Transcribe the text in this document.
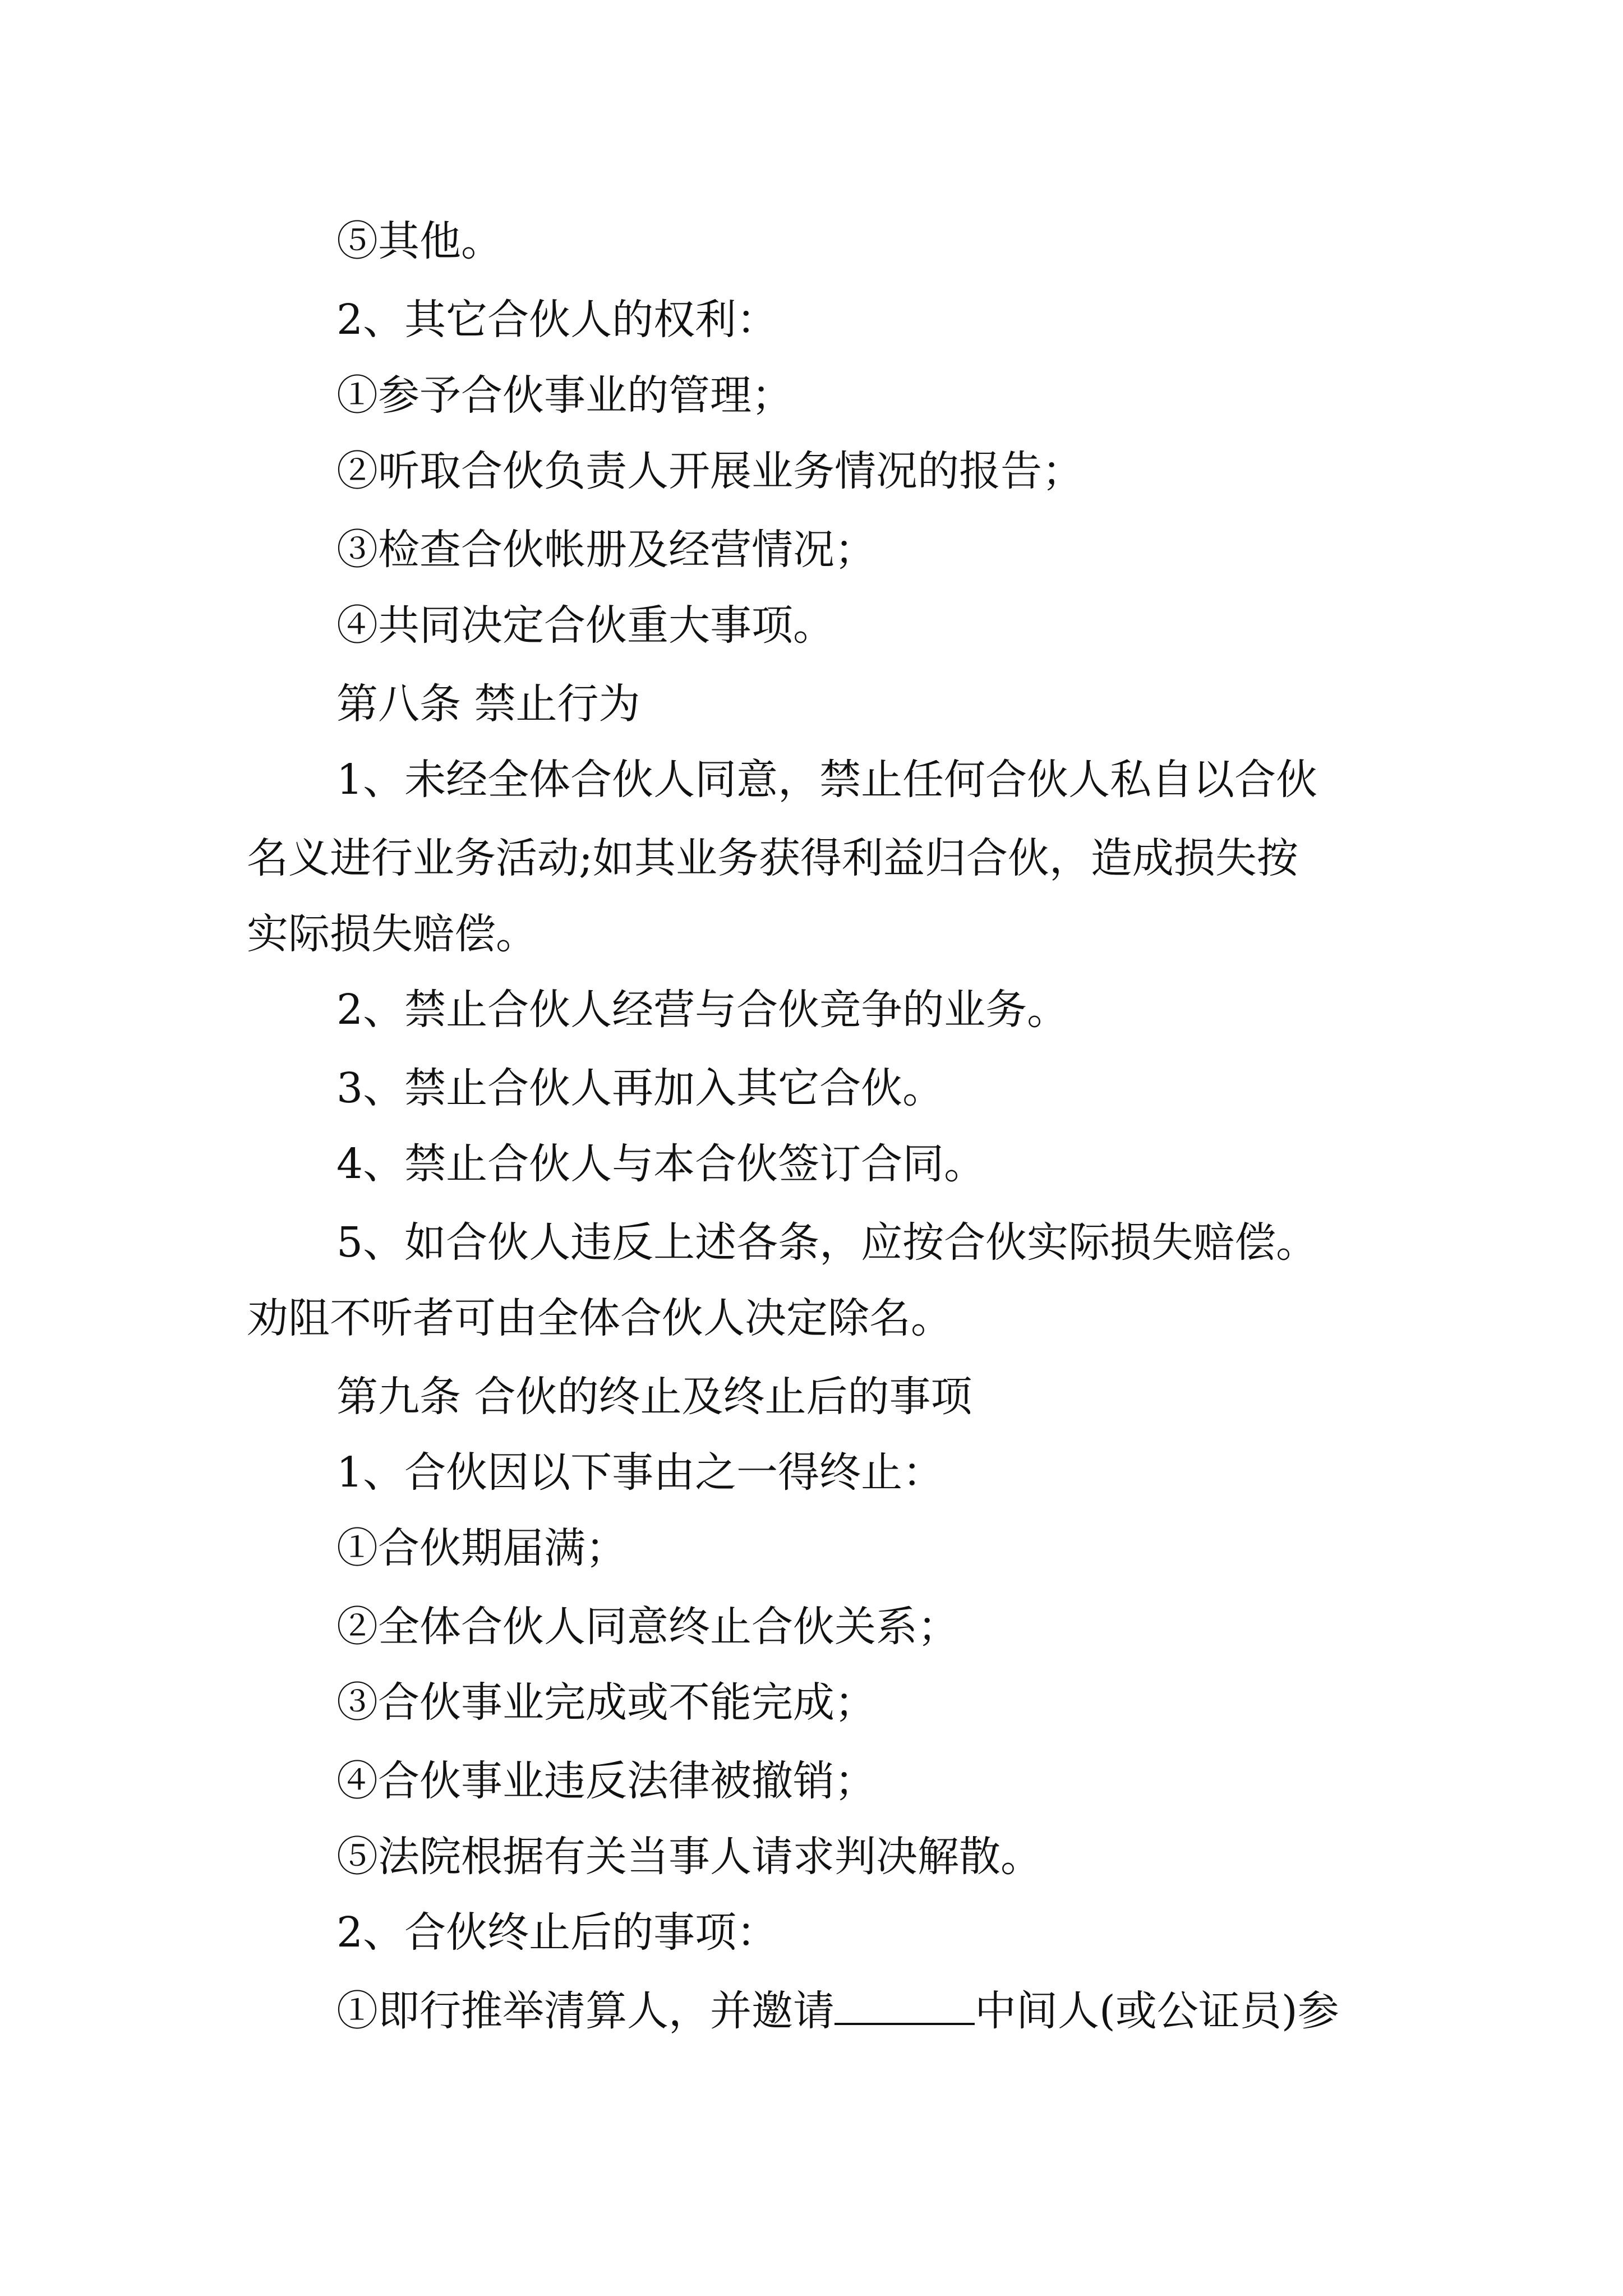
⑤其他。
2、其它合伙人的权利：
①参予合伙事业的管理；
②听取合伙负责人开展业务情况的报告；
③检查合伙帐册及经营情况；
④共同决定合伙重大事项。
第八条 禁止行为
1、未经全体合伙人同意，禁止任何合伙人私自以合伙
名义进行业务活动;如其业务获得利益归合伙，造成损失按
实际损失赔偿。
2、禁止合伙人经营与合伙竞争的业务。
3、禁止合伙人再加入其它合伙。
4、禁止合伙人与本合伙签订合同。
5、如合伙人违反上述各条，应按合伙实际损失赔偿。
劝阻不听者可由全体合伙人决定除名。
第九条 合伙的终止及终止后的事项
1、合伙因以下事由之一得终止：
①合伙期届满；
②全体合伙人同意终止合伙关系；
③合伙事业完成或不能完成；
④合伙事业违反法律被撤销；
⑤法院根据有关当事人请求判决解散。
2、合伙终止后的事项：
①即行推举清算人，并邀请	中间人(或公证员)参
